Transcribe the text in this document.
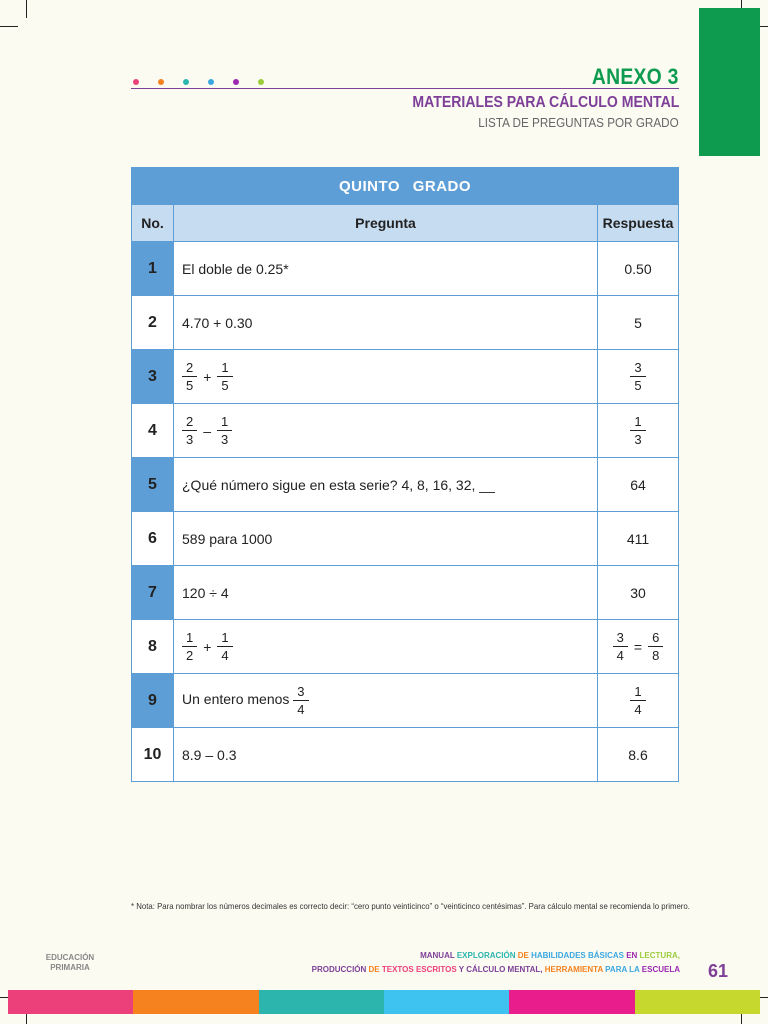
ANEXO 3
MATERIALES PARA CÁLCULO MENTAL
LISTA DE PREGUNTAS POR GRADO
QUINTO GRADO		
No.	Pregunta	Respuesta
1	El doble de 0.25*	0.50
2	4.70 + 0.30	5
3	$\frac{2}{5} + \frac{1}{5}$	$\frac{3}{5}$

4	$\frac{2}{3} - \frac{1}{3}$	$\frac{1}{3}$

5	¿Qué número sigue en esta serie? 4, 8, 16, 32, __	64
6	589 para 1000	411
7	120 ÷ 4	30
8	$\frac{1}{2} + \frac{1}{4}$	$\frac{3}{4} = \frac{6}{8}$

9	Un entero menos $\frac{3}{4}$	$\frac{1}{4}$

10	8.9 – 0.3	8.6
* Nota: Para nombrar los números decimales es correcto decir: “cero punto veinticinco” o “veinticinco centésimas”. Para cálculo mental se recomienda lo primero.
EDUCACIÓN
PRIMARIA
MANUAL EXPLORACIÓN DE HABILIDADES BÁSICAS EN LECTURA,
PRODUCCIÓN DE TEXTOS ESCRITOS Y CÁLCULO MENTAL, HERRAMIENTA PARA LA ESCUELA 61
